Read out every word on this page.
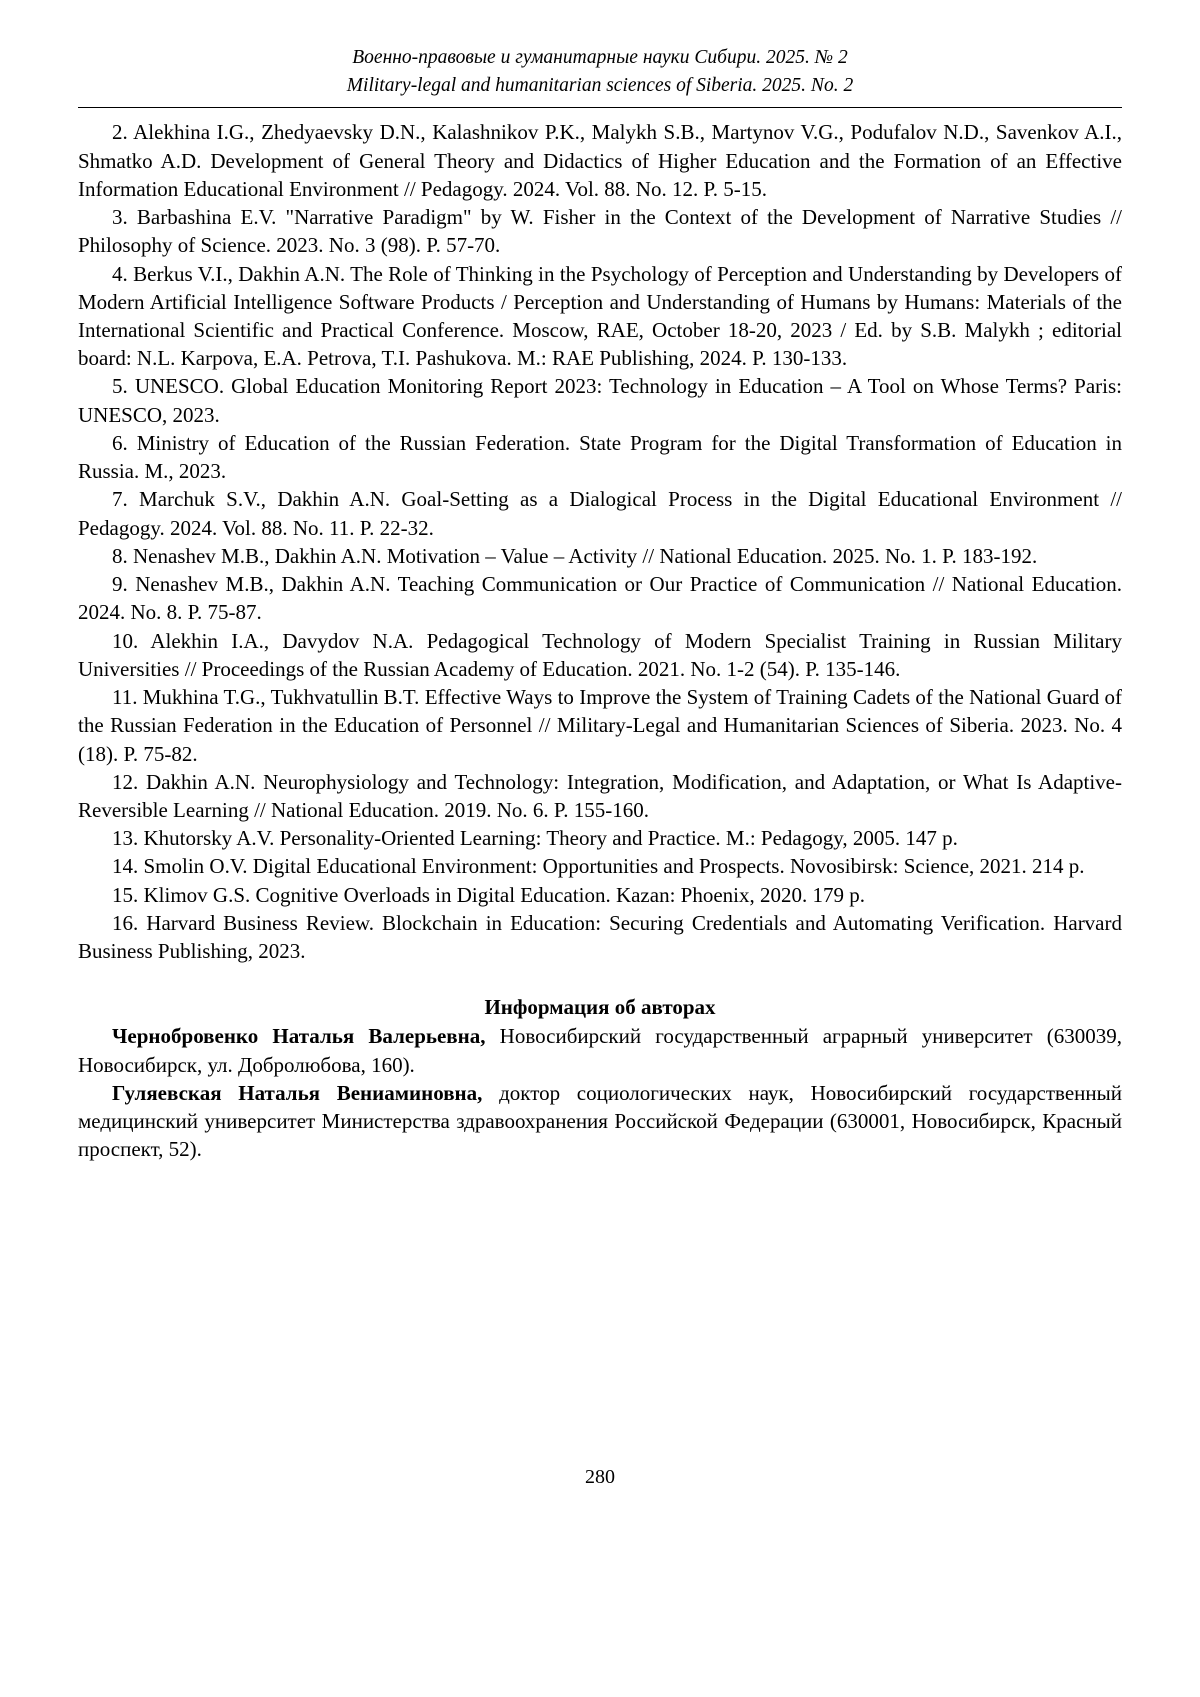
Военно-правовые и гуманитарные науки Сибири. 2025. № 2
Military-legal and humanitarian sciences of Siberia. 2025. No. 2

2. Alekhina I.G., Zhedyaevsky D.N., Kalashnikov P.K., Malykh S.B., Martynov V.G., Podufalov N.D., Savenkov A.I., Shmatko A.D. Development of General Theory and Didactics of Higher Education and the Formation of an Effective Information Educational Environment // Pedagogy. 2024. Vol. 88. No. 12. P. 5-15.

3. Barbashina E.V. "Narrative Paradigm" by W. Fisher in the Context of the Development of Narrative Studies // Philosophy of Science. 2023. No. 3 (98). P. 57-70.

4. Berkus V.I., Dakhin A.N. The Role of Thinking in the Psychology of Perception and Understanding by Developers of Modern Artificial Intelligence Software Products / Perception and Understanding of Humans by Humans: Materials of the International Scientific and Practical Conference. Moscow, RAE, October 18-20, 2023 / Ed. by S.B. Malykh ; editorial board: N.L. Karpova, E.A. Petrova, T.I. Pashukova. M.: RAE Publishing, 2024. P. 130-133.

5. UNESCO. Global Education Monitoring Report 2023: Technology in Education – A Tool on Whose Terms? Paris: UNESCO, 2023.

6. Ministry of Education of the Russian Federation. State Program for the Digital Transformation of Education in Russia. M., 2023.

7. Marchuk S.V., Dakhin A.N. Goal-Setting as a Dialogical Process in the Digital Educational Environment // Pedagogy. 2024. Vol. 88. No. 11. P. 22-32.

8. Nenashev M.B., Dakhin A.N. Motivation – Value – Activity // National Education. 2025. No. 1. P. 183-192.

9. Nenashev M.B., Dakhin A.N. Teaching Communication or Our Practice of Communication // National Education. 2024. No. 8. P. 75-87.

10. Alekhin I.A., Davydov N.A. Pedagogical Technology of Modern Specialist Training in Russian Military Universities // Proceedings of the Russian Academy of Education. 2021. No. 1-2 (54). P. 135-146.

11. Mukhina T.G., Tukhvatullin B.T. Effective Ways to Improve the System of Training Cadets of the National Guard of the Russian Federation in the Education of Personnel // Military-Legal and Humanitarian Sciences of Siberia. 2023. No. 4 (18). P. 75-82.

12. Dakhin A.N. Neurophysiology and Technology: Integration, Modification, and Adaptation, or What Is Adaptive-Reversible Learning // National Education. 2019. No. 6. P. 155-160.

13. Khutorsky A.V. Personality-Oriented Learning: Theory and Practice. M.: Pedagogy, 2005. 147 p.

14. Smolin O.V. Digital Educational Environment: Opportunities and Prospects. Novosibirsk: Science, 2021. 214 p.

15. Klimov G.S. Cognitive Overloads in Digital Education. Kazan: Phoenix, 2020. 179 p.

16. Harvard Business Review. Blockchain in Education: Securing Credentials and Automating Verification. Harvard Business Publishing, 2023.

Информация об авторах

Чернобровенко Наталья Валерьевна, Новосибирский государственный аграрный университет (630039, Новосибирск, ул. Добролюбова, 160).

Гуляевская Наталья Вениаминовна, доктор социологических наук, Новосибирский государственный медицинский университет Министерства здравоохранения Российской Федерации (630001, Новосибирск, Красный проспект, 52).

280
